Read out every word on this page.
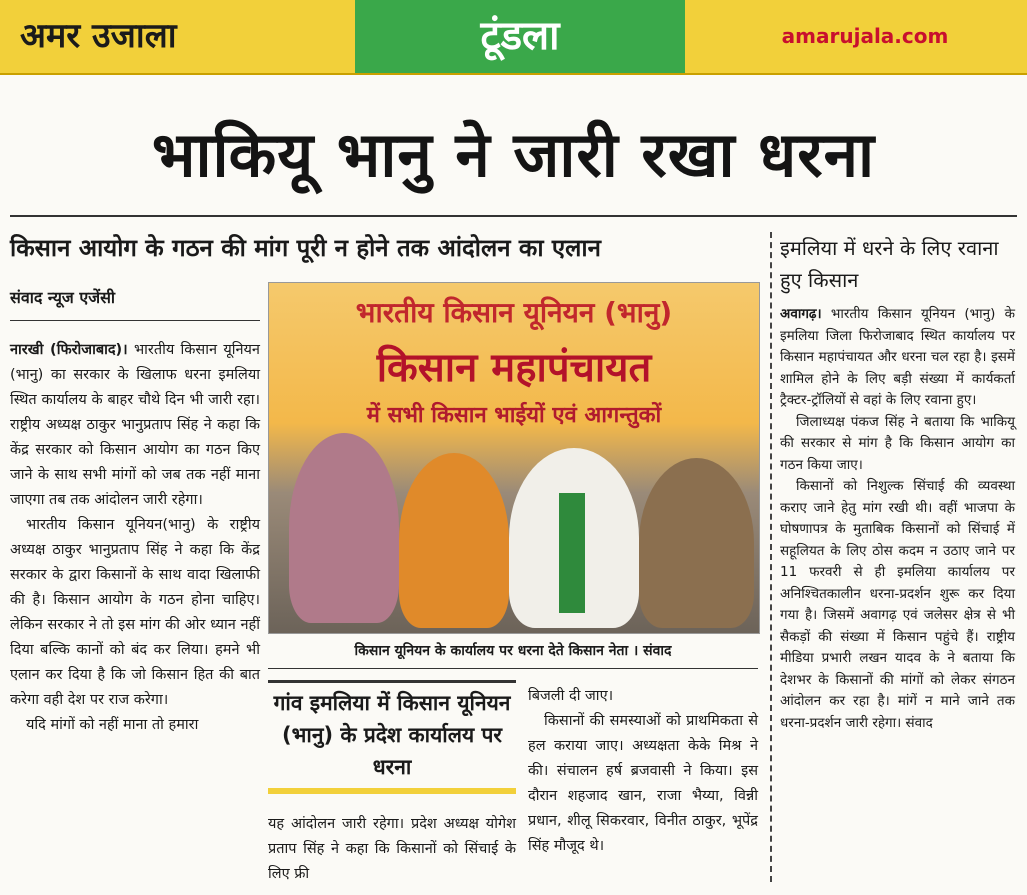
अमर उजाला	टूंडला	amarujala.com
भाकियू भानु ने जारी रखा धरना
किसान आयोग के गठन की मांग पूरी न होने तक आंदोलन का एलान
संवाद न्यूज एजेंसी

नारखी (फिरोजाबाद)। भारतीय किसान यूनियन (भानु) का सरकार के खिलाफ धरना इमलिया स्थित कार्यालय के बाहर चौथे दिन भी जारी रहा। राष्ट्रीय अध्यक्ष ठाकुर भानुप्रताप सिंह ने कहा कि केंद्र सरकार को किसान आयोग का गठन किए जाने के साथ सभी मांगों को जब तक नहीं माना जाएगा तब तक आंदोलन जारी रहेगा।

भारतीय किसान यूनियन(भानु) के राष्ट्रीय अध्यक्ष ठाकुर भानुप्रताप सिंह ने कहा कि केंद्र सरकार के द्वारा किसानों के साथ वादा खिलाफी की है। किसान आयोग के गठन होना चाहिए। लेकिन सरकार ने तो इस मांग की ओर ध्यान नहीं दिया बल्कि कानों को बंद कर लिया। हमने भी एलान कर दिया है कि जो किसान हित की बात करेगा वही देश पर राज करेगा।

यदि मांगों को नहीं माना तो हमारा

भारतीय किसान यूनियन (भानु)
किसान महापंचायत
में सभी किसान भाईयों एवं आगन्तुकों
किसान यूनियन के कार्यालय पर धरना देते किसान नेता । संवाद
गांव इमलिया में किसान यूनियन (भानु) के प्रदेश कार्यालय पर धरना

यह आंदोलन जारी रहेगा। प्रदेश अध्यक्ष योगेश प्रताप सिंह ने कहा कि किसानों को सिंचाई के लिए फ्री

बिजली दी जाए।

किसानों की समस्याओं को प्राथमिकता से हल कराया जाए। अध्यक्षता केके मिश्र ने की। संचालन हर्ष ब्रजवासी ने किया। इस दौरान शहजाद खान, राजा भैय्या, विन्नी प्रधान, शीलू सिकरवार, विनीत ठाकुर, भूपेंद्र सिंह मौजूद थे।

इमलिया में धरने के लिए रवाना हुए किसान

अवागढ़। भारतीय किसान यूनियन (भानु) के इमलिया जिला फिरोजाबाद स्थित कार्यालय पर किसान महापंचायत और धरना चल रहा है। इसमें शामिल होने के लिए बड़ी संख्या में कार्यकर्ता ट्रैक्टर-ट्रॉलियों से वहां के लिए रवाना हुए।

जिलाध्यक्ष पंकज सिंह ने बताया कि भाकियू की सरकार से मांग है कि किसान आयोग का गठन किया जाए।

किसानों को निशुल्क सिंचाई की व्यवस्था कराए जाने हेतु मांग रखी थी। वहीं भाजपा के घोषणापत्र के मुताबिक किसानों को सिंचाई में सहूलियत के लिए ठोस कदम न उठाए जाने पर 11 फरवरी से ही इमलिया कार्यालय पर अनिश्चितकालीन धरना-प्रदर्शन शुरू कर दिया गया है। जिसमें अवागढ़ एवं जलेसर क्षेत्र से भी सैकड़ों की संख्या में किसान पहुंचे हैं। राष्ट्रीय मीडिया प्रभारी लखन यादव के ने बताया कि देशभर के किसानों की मांगों को लेकर संगठन आंदोलन कर रहा है। मांगें न माने जाने तक धरना-प्रदर्शन जारी रहेगा। संवाद
